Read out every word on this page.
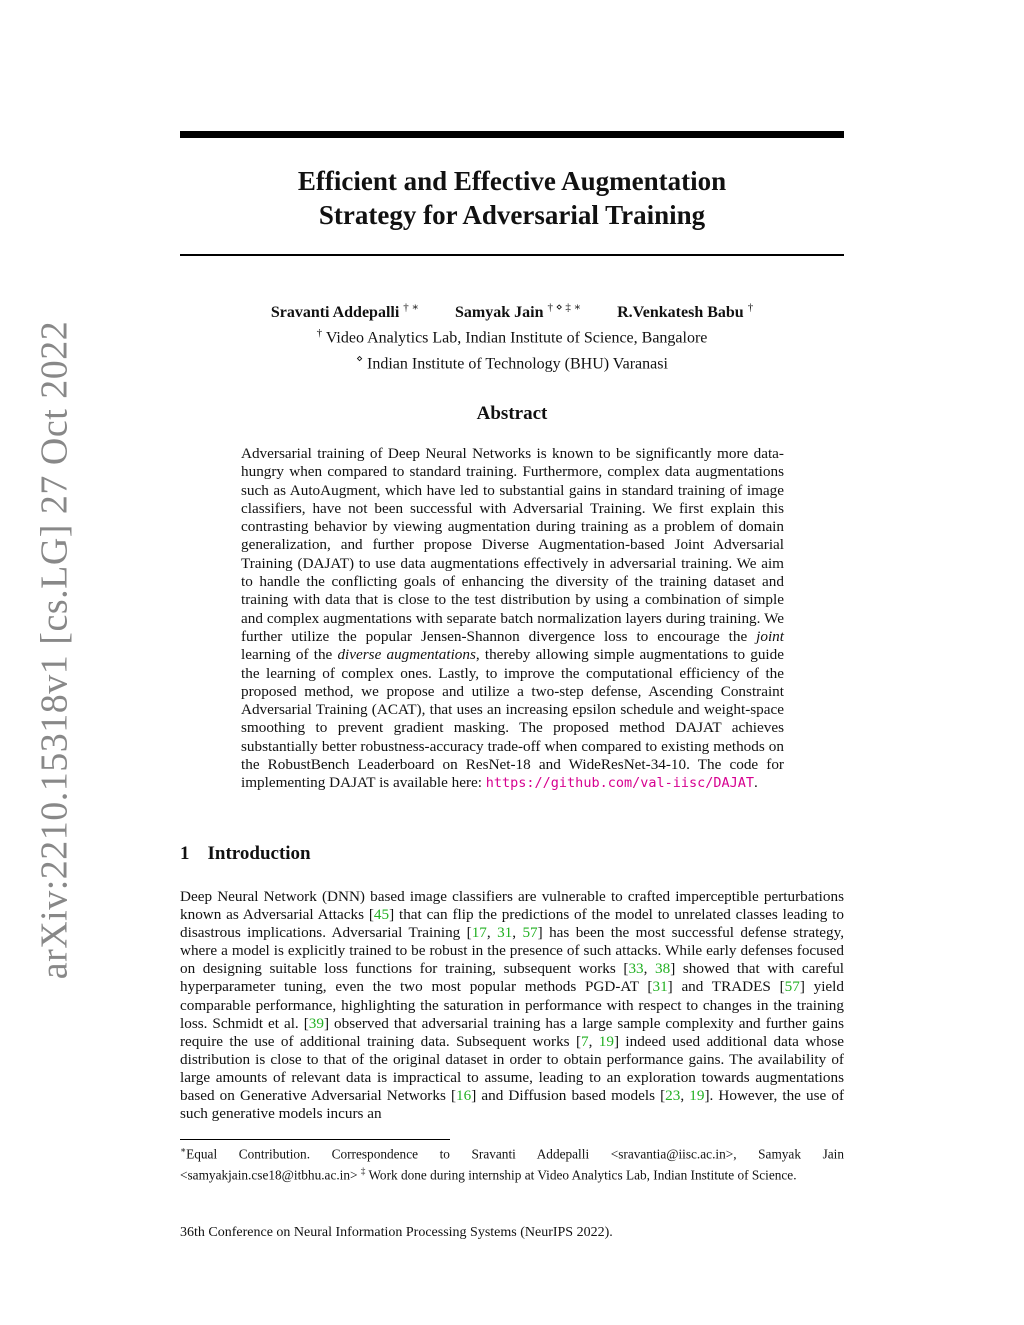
arXiv:2210.15318v1 [cs.LG] 27 Oct 2022
Efficient and Effective Augmentation
Strategy for Adversarial Training
Sravanti Addepalli † ∗ Samyak Jain † ⋄ ‡ ∗ R.Venkatesh Babu †
† Video Analytics Lab, Indian Institute of Science, Bangalore
⋄ Indian Institute of Technology (BHU) Varanasi
Abstract

Adversarial training of Deep Neural Networks is known to be significantly more data-hungry when compared to standard training. Furthermore, complex data augmentations such as AutoAugment, which have led to substantial gains in standard training of image classifiers, have not been successful with Adversarial Training. We first explain this contrasting behavior by viewing augmentation during training as a problem of domain generalization, and further propose Diverse Augmentation-based Joint Adversarial Training (DAJAT) to use data augmentations effectively in adversarial training. We aim to handle the conflicting goals of enhancing the diversity of the training dataset and training with data that is close to the test distribution by using a combination of simple and complex augmentations with separate batch normalization layers during training. We further utilize the popular Jensen-Shannon divergence loss to encourage the joint learning of the diverse augmentations, thereby allowing simple augmentations to guide the learning of complex ones. Lastly, to improve the computational efficiency of the proposed method, we propose and utilize a two-step defense, Ascending Constraint Adversarial Training (ACAT), that uses an increasing epsilon schedule and weight-space smoothing to prevent gradient masking. The proposed method DAJAT achieves substantially better robustness-accuracy trade-off when compared to existing methods on the RobustBench Leaderboard on ResNet-18 and WideResNet-34-10. The code for implementing DAJAT is available here: https://github.com/val-iisc/DAJAT.

1 Introduction

Deep Neural Network (DNN) based image classifiers are vulnerable to crafted imperceptible perturbations known as Adversarial Attacks [45] that can flip the predictions of the model to unrelated classes leading to disastrous implications. Adversarial Training [17, 31, 57] has been the most successful defense strategy, where a model is explicitly trained to be robust in the presence of such attacks. While early defenses focused on designing suitable loss functions for training, subsequent works [33, 38] showed that with careful hyperparameter tuning, even the two most popular methods PGD-AT [31] and TRADES [57] yield comparable performance, highlighting the saturation in performance with respect to changes in the training loss. Schmidt et al. [39] observed that adversarial training has a large sample complexity and further gains require the use of additional training data. Subsequent works [7, 19] indeed used additional data whose distribution is close to that of the original dataset in order to obtain performance gains. The availability of large amounts of relevant data is impractical to assume, leading to an exploration towards augmentations based on Generative Adversarial Networks [16] and Diffusion based models [23, 19]. However, the use of such generative models incurs an

∗Equal Contribution. Correspondence to Sravanti Addepalli <sravantia@iisc.ac.in>, Samyak Jain <samyakjain.cse18@itbhu.ac.in> ‡ Work done during internship at Video Analytics Lab, Indian Institute of Science.

36th Conference on Neural Information Processing Systems (NeurIPS 2022).
